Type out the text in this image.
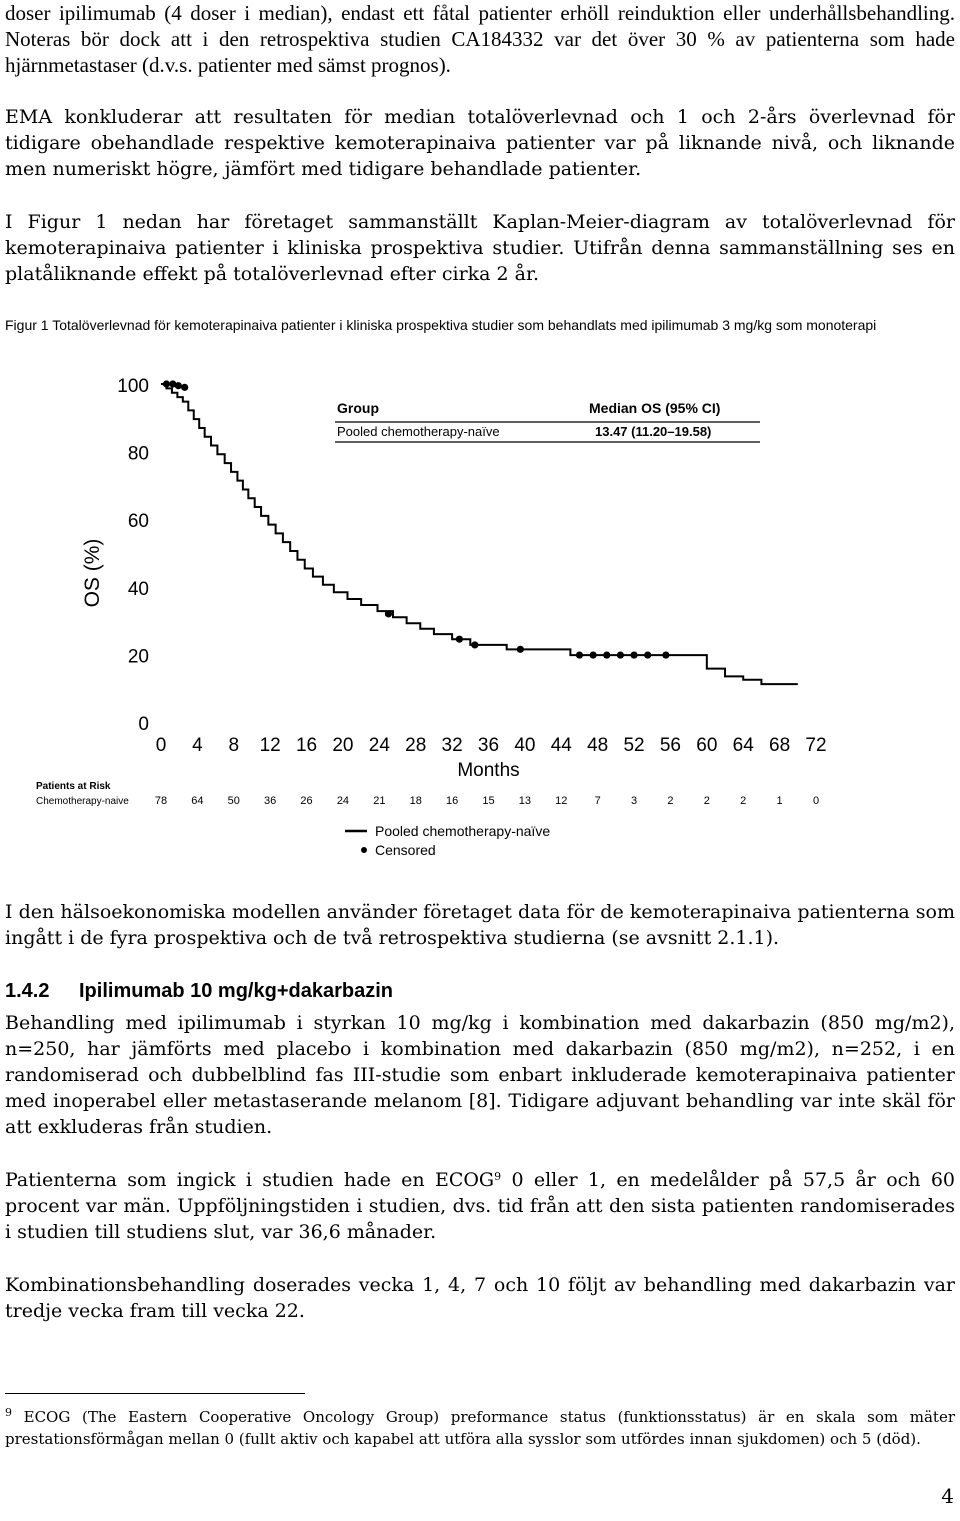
doser ipilimumab (4 doser i median), endast ett fåtal patienter erhöll reinduktion eller underhållsbehandling. Noteras bör dock att i den retrospektiva studien CA184332 var det över 30 % av patienterna som hade hjärnmetastaser (d.v.s. patienter med sämst prognos).

EMA konkluderar att resultaten för median totalöverlevnad och 1 och 2-års överlevnad för tidigare obehandlade respektive kemoterapinaiva patienter var på liknande nivå, och liknande men numeriskt högre, jämfört med tidigare behandlade patienter.

I Figur 1 nedan har företaget sammanställt Kaplan-Meier-diagram av totalöverlevnad för kemoterapinaiva patienter i kliniska prospektiva studier. Utifrån denna sammanställning ses en platåliknande effekt på totalöverlevnad efter cirka 2 år.

Figur 1 Totalöverlevnad för kemoterapinaiva patienter i kliniska prospektiva studier som behandlats med ipilimumab 3 mg/kg som monoterapi

Months
OS (%)
0
20
40
60
80
100
0 4 8 12 16 20 24 28 32 36 40 44 48 52 56 60 64 68 72
Group	Median OS (95% CI)
Pooled chemotherapy-naïve	13.47 (11.20–19.58)
Patients at Risk
Chemotherapy-naive 78 64 50 36 26 24 21 18 16 15 13 12 7	3	2	2	2	1	0
Pooled chemotherapy-naïve
Censored

I den hälsoekonomiska modellen använder företaget data för de kemoterapinaiva patienterna som ingått i de fyra prospektiva och de två retrospektiva studierna (se avsnitt 2.1.1).

1.4.2 Ipilimumab 10 mg/kg+dakarbazin

Behandling med ipilimumab i styrkan 10 mg/kg i kombination med dakarbazin (850 mg/m2), n=250, har jämförts med placebo i kombination med dakarbazin (850 mg/m2), n=252, i en randomiserad och dubbelblind fas III-studie som enbart inkluderade kemoterapinaiva patienter med inoperabel eller metastaserande melanom [8]. Tidigare adjuvant behandling var inte skäl för att exkluderas från studien.

Patienterna som ingick i studien hade en ECOG$^9$ 0 eller 1, en medelålder på 57,5 år och 60 procent var män. Uppföljningstiden i studien, dvs. tid från att den sista patienten randomiserades i studien till studiens slut, var 36,6 månader.

Kombinationsbehandling doserades vecka 1, 4, 7 och 10 följt av behandling med dakarbazin var tredje vecka fram till vecka 22.

$^9$ ECOG (The Eastern Cooperative Oncology Group) preformance status (funktionsstatus) är en skala som mäter prestationsförmågan mellan 0 (fullt aktiv och kapabel att utföra alla sysslor som utfördes innan sjukdomen) och 5 (död).

4
